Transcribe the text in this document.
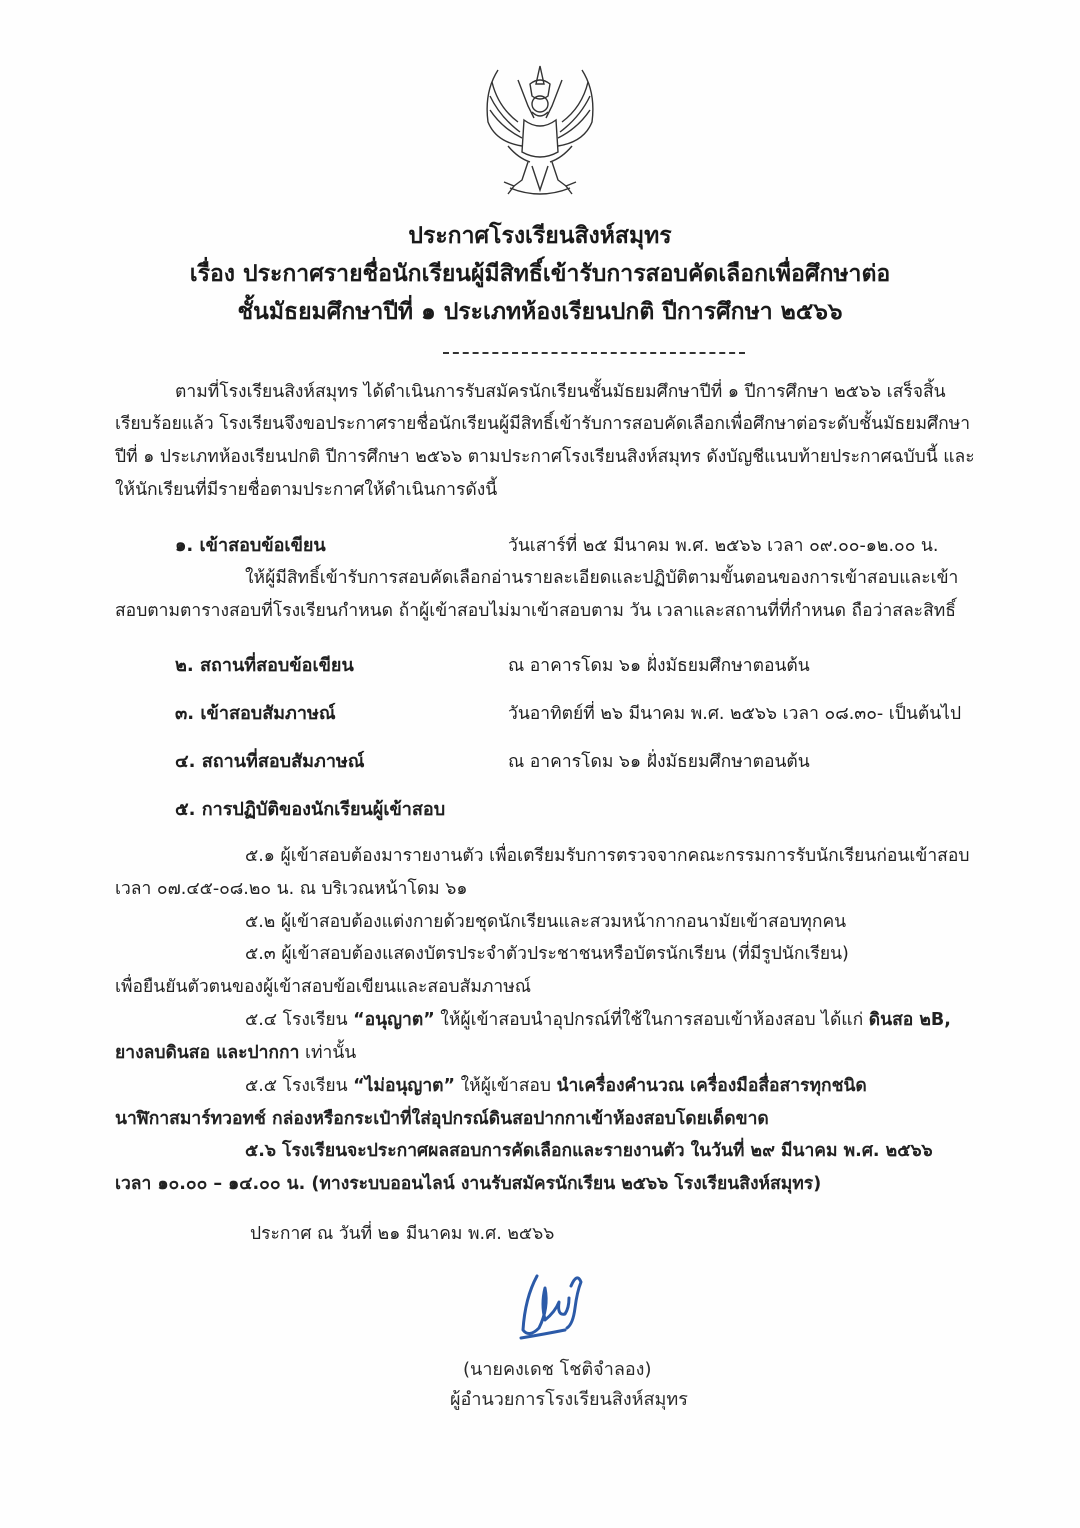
ประกาศโรงเรียนสิงห์สมุทร
เรื่อง ประกาศรายชื่อนักเรียนผู้มีสิทธิ์เข้ารับการสอบคัดเลือกเพื่อศึกษาต่อ
ชั้นมัธยมศึกษาปีที่ ๑ ประเภทห้องเรียนปกติ ปีการศึกษา ๒๕๖๖
ตามที่โรงเรียนสิงห์สมุทร ได้ดำเนินการรับสมัครนักเรียนชั้นมัธยมศึกษาปีที่ ๑ ปีการศึกษา ๒๕๖๖ เสร็จสิ้น
เรียบร้อยแล้ว โรงเรียนจึงขอประกาศรายชื่อนักเรียนผู้มีสิทธิ์เข้ารับการสอบคัดเลือกเพื่อศึกษาต่อระดับชั้นมัธยมศึกษา
ปีที่ ๑ ประเภทห้องเรียนปกติ ปีการศึกษา ๒๕๖๖ ตามประกาศโรงเรียนสิงห์สมุทร ดังบัญชีแนบท้ายประกาศฉบับนี้ และ
ให้นักเรียนที่มีรายชื่อตามประกาศให้ดำเนินการดังนี้
๑. เข้าสอบข้อเขียน	วันเสาร์ที่ ๒๕ มีนาคม พ.ศ. ๒๕๖๖ เวลา ๐๙.๐๐-๑๒.๐๐ น.
ให้ผู้มีสิทธิ์เข้ารับการสอบคัดเลือกอ่านรายละเอียดและปฏิบัติตามขั้นตอนของการเข้าสอบและเข้า
สอบตามตารางสอบที่โรงเรียนกำหนด ถ้าผู้เข้าสอบไม่มาเข้าสอบตาม วัน เวลาและสถานที่ที่กำหนด ถือว่าสละสิทธิ์
๒. สถานที่สอบข้อเขียน	ณ อาคารโดม ๖๑ ฝั่งมัธยมศึกษาตอนต้น
๓. เข้าสอบสัมภาษณ์	วันอาทิตย์ที่ ๒๖ มีนาคม พ.ศ. ๒๕๖๖ เวลา ๐๘.๓๐- เป็นต้นไป
๔. สถานที่สอบสัมภาษณ์	ณ อาคารโดม ๖๑ ฝั่งมัธยมศึกษาตอนต้น
๕. การปฏิบัติของนักเรียนผู้เข้าสอบ
๕.๑ ผู้เข้าสอบต้องมารายงานตัว เพื่อเตรียมรับการตรวจจากคณะกรรมการรับนักเรียนก่อนเข้าสอบ
เวลา ๐๗.๔๕-๐๘.๒๐ น. ณ บริเวณหน้าโดม ๖๑
๕.๒ ผู้เข้าสอบต้องแต่งกายด้วยชุดนักเรียนและสวมหน้ากากอนามัยเข้าสอบทุกคน
๕.๓ ผู้เข้าสอบต้องแสดงบัตรประจำตัวประชาชนหรือบัตรนักเรียน (ที่มีรูปนักเรียน)
เพื่อยืนยันตัวตนของผู้เข้าสอบข้อเขียนและสอบสัมภาษณ์
๕.๔ โรงเรียน “อนุญาต” ให้ผู้เข้าสอบนำอุปกรณ์ที่ใช้ในการสอบเข้าห้องสอบ ได้แก่ ดินสอ ๒B,
ยางลบดินสอ และปากกา เท่านั้น
๕.๕ โรงเรียน “ไม่อนุญาต” ให้ผู้เข้าสอบ นำเครื่องคำนวณ เครื่องมือสื่อสารทุกชนิด
นาฬิกาสมาร์ทวอทช์ กล่องหรือกระเป๋าที่ใส่อุปกรณ์ดินสอปากกาเข้าห้องสอบโดยเด็ดขาด
๕.๖ โรงเรียนจะประกาศผลสอบการคัดเลือกและรายงานตัว ในวันที่ ๒๙ มีนาคม พ.ศ. ๒๕๖๖
เวลา ๑๐.๐๐ – ๑๔.๐๐ น. (ทางระบบออนไลน์ งานรับสมัครนักเรียน ๒๕๖๖ โรงเรียนสิงห์สมุทร)
ประกาศ ณ วันที่ ๒๑ มีนาคม พ.ศ. ๒๕๖๖
(นายคงเดช โชติจำลอง)
ผู้อำนวยการโรงเรียนสิงห์สมุทร
